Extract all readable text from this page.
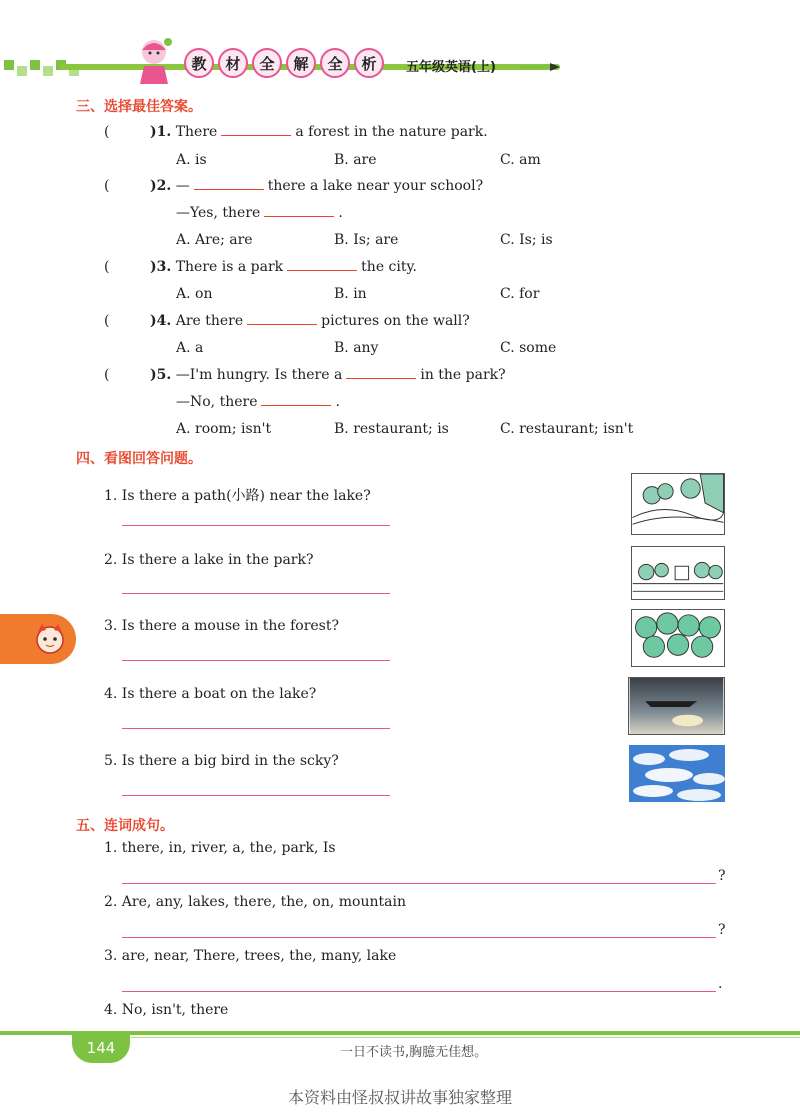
教	材	全	解	全	析	五年级英语(上)
三、选择最佳答案。
(	)1. There	a forest in the nature park.
A. is	B. are	C. am
(	)2. —	there a lake near your school?
—Yes, there	.
A. Are; are	B. Is; are	C. Is; is
(	)3. There is a park	the city.
A. on	B. in	C. for
(	)4. Are there	pictures on the wall?
A. a	B. any	C. some
(	)5. —I'm hungry. Is there a	in the park?
—No, there	.
A. room; isn't	B. restaurant; is	C. restaurant; isn't
四、看图回答问题。
1. Is there a path(小路) near the lake?
2. Is there a lake in the park?
3. Is there a mouse in the forest?
4. Is there a boat on the lake?
5. Is there a big bird in the scky?
五、连词成句。
1. there, in, river, a, the, park, Is
?
2. Are, any, lakes, there, the, on, mountain
?
3. are, near, There, trees, the, many, lake
.
4. No, isn't, there
144	一日不读书,胸臆无佳想。
本资料由怪叔叔讲故事独家整理
